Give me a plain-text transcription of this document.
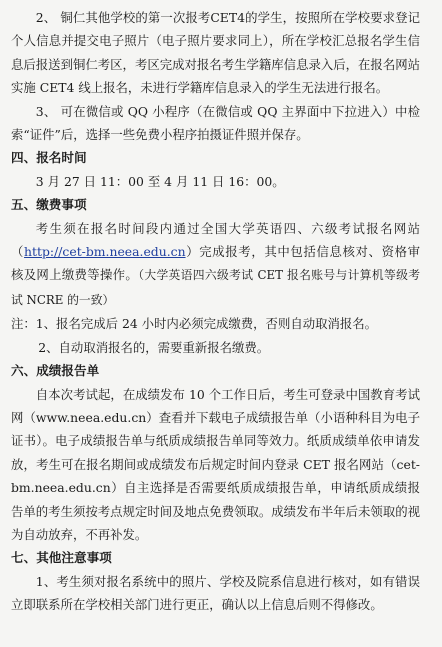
2、 铜仁其他学校的第一次报考CET4的学生，按照所在学校要求登记个人信息并提交电子照片（电子照片要求同上），所在学校汇总报名学生信息后报送到铜仁考区，考区完成对报名考生学籍库信息录入后，在报名网站实施 CET4 线上报名，未进行学籍库信息录入的学生无法进行报名。

3、 可在微信或 QQ 小程序（在微信或 QQ 主界面中下拉进入）中检索“证件”后，选择一些免费小程序拍摄证件照并保存。

四、报名时间

3 月 27 日 11：00 至 4 月 11 日 16：00。

五、缴费事项

考生须在报名时间段内通过全国大学英语四、六级考试报名网站（http://cet-bm.neea.edu.cn）完成报考，其中包括信息核对、资格审核及网上缴费等操作。（大学英语四六级考试 CET 报名账号与计算机等级考试 NCRE 的一致）

注：1、报名完成后 24 小时内必须完成缴费，否则自动取消报名。

2、自动取消报名的，需要重新报名缴费。

六、成绩报告单

自本次考试起，在成绩发布 10 个工作日后，考生可登录中国教育考试网（www.neea.edu.cn）查看并下载电子成绩报告单（小语种科目为电子证书）。电子成绩报告单与纸质成绩报告单同等效力。纸质成绩单依申请发放，考生可在报名期间或成绩发布后规定时间内登录 CET 报名网站（cet-bm.neea.edu.cn）自主选择是否需要纸质成绩报告单，申请纸质成绩报告单的考生须按考点规定时间及地点免费领取。成绩发布半年后未领取的视为自动放弃，不再补发。

七、其他注意事项

1、考生须对报名系统中的照片、学校及院系信息进行核对，如有错误立即联系所在学校相关部门进行更正，确认以上信息后则不得修改。
